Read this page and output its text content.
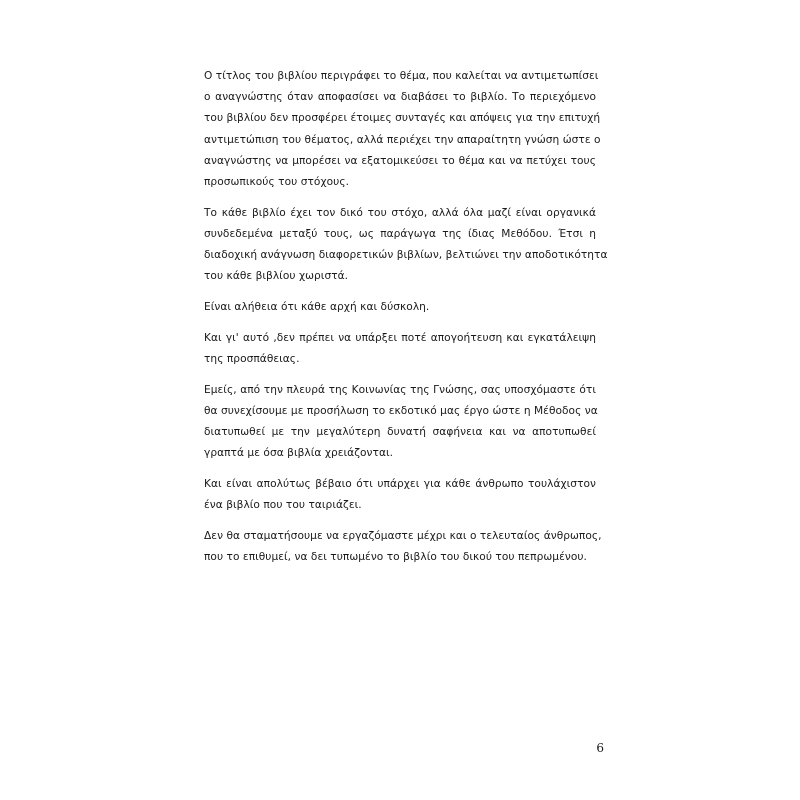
Ο τίτλος του βιβλίου περιγράφει το θέμα, που καλείται να αντιμετωπίσει
ο αναγνώστης όταν αποφασίσει να διαβάσει το βιβλίο. Το περιεχόμενο
του βιβλίου δεν προσφέρει έτοιμες συνταγές και απόψεις για την επιτυχή
αντιμετώπιση του θέματος, αλλά περιέχει την απαραίτητη γνώση ώστε ο
αναγνώστης να μπορέσει να εξατομικεύσει το θέμα και να πετύχει τους
προσωπικούς του στόχους.

Το κάθε βιβλίο έχει τον δικό του στόχο, αλλά όλα μαζί είναι οργανικά
συνδεδεμένα μεταξύ τους, ως παράγωγα της ίδιας Μεθόδου. Έτσι η
διαδοχική ανάγνωση διαφορετικών βιβλίων, βελτιώνει την αποδοτικότητα
του κάθε βιβλίου χωριστά.

Είναι αλήθεια ότι κάθε αρχή και δύσκολη.

Και γι' αυτό ,δεν πρέπει να υπάρξει ποτέ απογοήτευση και εγκατάλειψη
της προσπάθειας.

Εμείς, από την πλευρά της Κοινωνίας της Γνώσης, σας υποσχόμαστε ότι
θα συνεχίσουμε με προσήλωση το εκδοτικό μας έργο ώστε η Μέθοδος να
διατυπωθεί με την μεγαλύτερη δυνατή σαφήνεια και να αποτυπωθεί
γραπτά με όσα βιβλία χρειάζονται.

Και είναι απολύτως βέβαιο ότι υπάρχει για κάθε άνθρωπο τουλάχιστον
ένα βιβλίο που του ταιριάζει.

Δεν θα σταματήσουμε να εργαζόμαστε μέχρι και ο τελευταίος άνθρωπος,
που το επιθυμεί, να δει τυπωμένο το βιβλίο του δικού του πεπρωμένου.

6
